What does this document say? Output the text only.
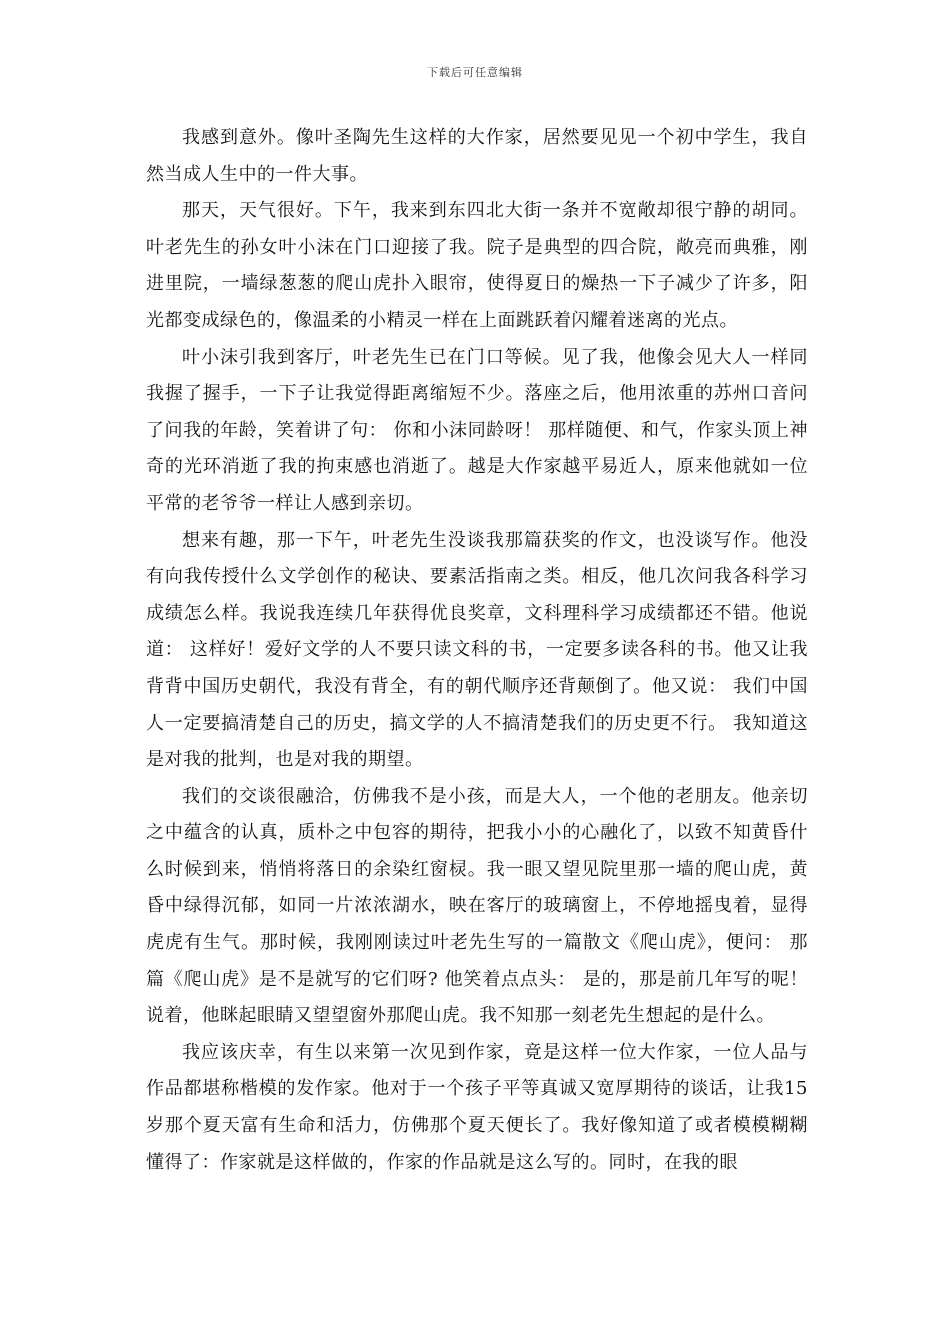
下载后可任意编辑

我感到意外。像叶圣陶先生这样的大作家，居然要见见一个初中学生，我自然当成人生中的一件大事。

那天，天气很好。下午，我来到东四北大街一条并不宽敞却很宁静的胡同。叶老先生的孙女叶小沫在门口迎接了我。院子是典型的四合院，敞亮而典雅，刚进里院，一墙绿葱葱的爬山虎扑入眼帘，使得夏日的燥热一下子减少了许多，阳光都变成绿色的，像温柔的小精灵一样在上面跳跃着闪耀着迷离的光点。

叶小沫引我到客厅，叶老先生已在门口等候。见了我，他像会见大人一样同我握了握手，一下子让我觉得距离缩短不少。落座之后，他用浓重的苏州口音问了问我的年龄，笑着讲了句： 你和小沫同龄呀！ 那样随便、和气，作家头顶上神奇的光环消逝了我的拘束感也消逝了。越是大作家越平易近人，原来他就如一位平常的老爷爷一样让人感到亲切。

想来有趣，那一下午，叶老先生没谈我那篇获奖的作文，也没谈写作。他没有向我传授什么文学创作的秘诀、要素活指南之类。相反，他几次问我各科学习成绩怎么样。我说我连续几年获得优良奖章，文科理科学习成绩都还不错。他说道： 这样好！爱好文学的人不要只读文科的书，一定要多读各科的书。他又让我背背中国历史朝代，我没有背全，有的朝代顺序还背颠倒了。他又说： 我们中国人一定要搞清楚自己的历史，搞文学的人不搞清楚我们的历史更不行。 我知道这是对我的批判，也是对我的期望。

我们的交谈很融洽，仿佛我不是小孩，而是大人，一个他的老朋友。他亲切之中蕴含的认真，质朴之中包容的期待，把我小小的心融化了，以致不知黄昏什么时候到来，悄悄将落日的余染红窗棂。我一眼又望见院里那一墙的爬山虎，黄昏中绿得沉郁，如同一片浓浓湖水，映在客厅的玻璃窗上，不停地摇曳着，显得虎虎有生气。那时候，我刚刚读过叶老先生写的一篇散文《爬山虎》，便问： 那篇《爬山虎》是不是就写的它们呀? 他笑着点点头： 是的，那是前几年写的呢！ 说着，他眯起眼睛又望望窗外那爬山虎。我不知那一刻老先生想起的是什么。

我应该庆幸，有生以来第一次见到作家，竟是这样一位大作家，一位人品与作品都堪称楷模的发作家。他对于一个孩子平等真诚又宽厚期待的谈话，让我15岁那个夏天富有生命和活力，仿佛那个夏天便长了。我好像知道了或者模模糊糊懂得了：作家就是这样做的，作家的作品就是这么写的。同时，在我的眼
